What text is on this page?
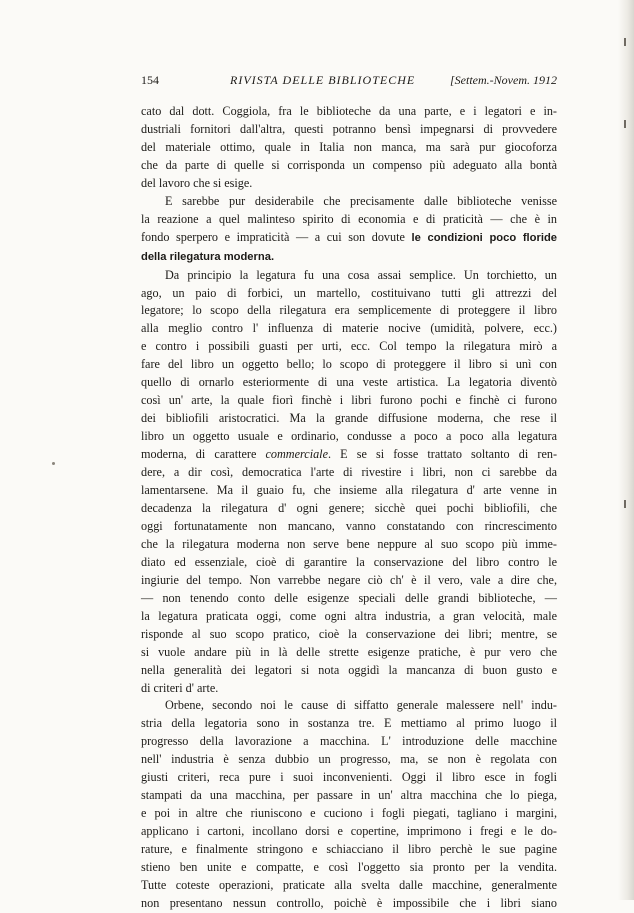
154	RIVISTA DELLE BIBLIOTECHE	[Settem.-Novem. 1912
cato dal dott. Coggiola, fra le biblioteche da una parte, e i legatori e in-
dustriali fornitori dall'altra, questi potranno bensì impegnarsi di provvedere
del materiale ottimo, quale in Italia non manca, ma sarà pur giocoforza
che da parte di quelle si corrisponda un compenso più adeguato alla bontà
del lavoro che si esige.
E sarebbe pur desiderabile che precisamente dalle biblioteche venisse
la reazione a quel malinteso spirito di economia e di praticità — che è in
fondo sperpero e impraticità — a cui son dovute le condizioni poco floride
della rilegatura moderna.
Da principio la legatura fu una cosa assai semplice. Un torchietto, un
ago, un paio di forbici, un martello, costituivano tutti gli attrezzi del
legatore; lo scopo della rilegatura era semplicemente di proteggere il libro
alla meglio contro l' influenza di materie nocive (umidità, polvere, ecc.)
e contro i possibili guasti per urti, ecc. Col tempo la rilegatura mirò a
fare del libro un oggetto bello; lo scopo di proteggere il libro si unì con
quello di ornarlo esteriormente di una veste artistica. La legatoria diventò
così un' arte, la quale fiorì finchè i libri furono pochi e finchè ci furono
dei bibliofili aristocratici. Ma la grande diffusione moderna, che rese il
libro un oggetto usuale e ordinario, condusse a poco a poco alla legatura
moderna, di carattere commerciale. E se si fosse trattato soltanto di ren-
dere, a dir così, democratica l'arte di rivestire i libri, non ci sarebbe da
lamentarsene. Ma il guaio fu, che insieme alla rilegatura d' arte venne in
decadenza la rilegatura d' ogni genere; sicchè quei pochi bibliofili, che
oggi fortunatamente non mancano, vanno constatando con rincrescimento
che la rilegatura moderna non serve bene neppure al suo scopo più imme-
diato ed essenziale, cioè di garantire la conservazione del libro contro le
ingiurie del tempo. Non varrebbe negare ciò ch' è il vero, vale a dire che,
— non tenendo conto delle esigenze speciali delle grandi biblioteche, —
la legatura praticata oggi, come ogni altra industria, a gran velocità, male
risponde al suo scopo pratico, cioè la conservazione dei libri; mentre, se
si vuole andare più in là delle strette esigenze pratiche, è pur vero che
nella generalità dei legatori si nota oggidì la mancanza di buon gusto e
di criteri d' arte.
Orbene, secondo noi le cause di siffatto generale malessere nell' indu-
stria della legatoria sono in sostanza tre. E mettiamo al primo luogo il
progresso della lavorazione a macchina. L' introduzione delle macchine
nell' industria è senza dubbio un progresso, ma, se non è regolata con
giusti criteri, reca pure i suoi inconvenienti. Oggi il libro esce in fogli
stampati da una macchina, per passare in un' altra macchina che lo piega,
e poi in altre che riuniscono e cuciono i fogli piegati, tagliano i margini,
applicano i cartoni, incollano dorsi e copertine, imprimono i fregi e le do-
rature, e finalmente stringono e schiacciano il libro perchè le sue pagine
stieno ben unite e compatte, e così l'oggetto sia pronto per la vendita.
Tutte coteste operazioni, praticate alla svelta dalle macchine, generalmente
non presentano nessun controllo, poichè è impossibile che i libri siano
